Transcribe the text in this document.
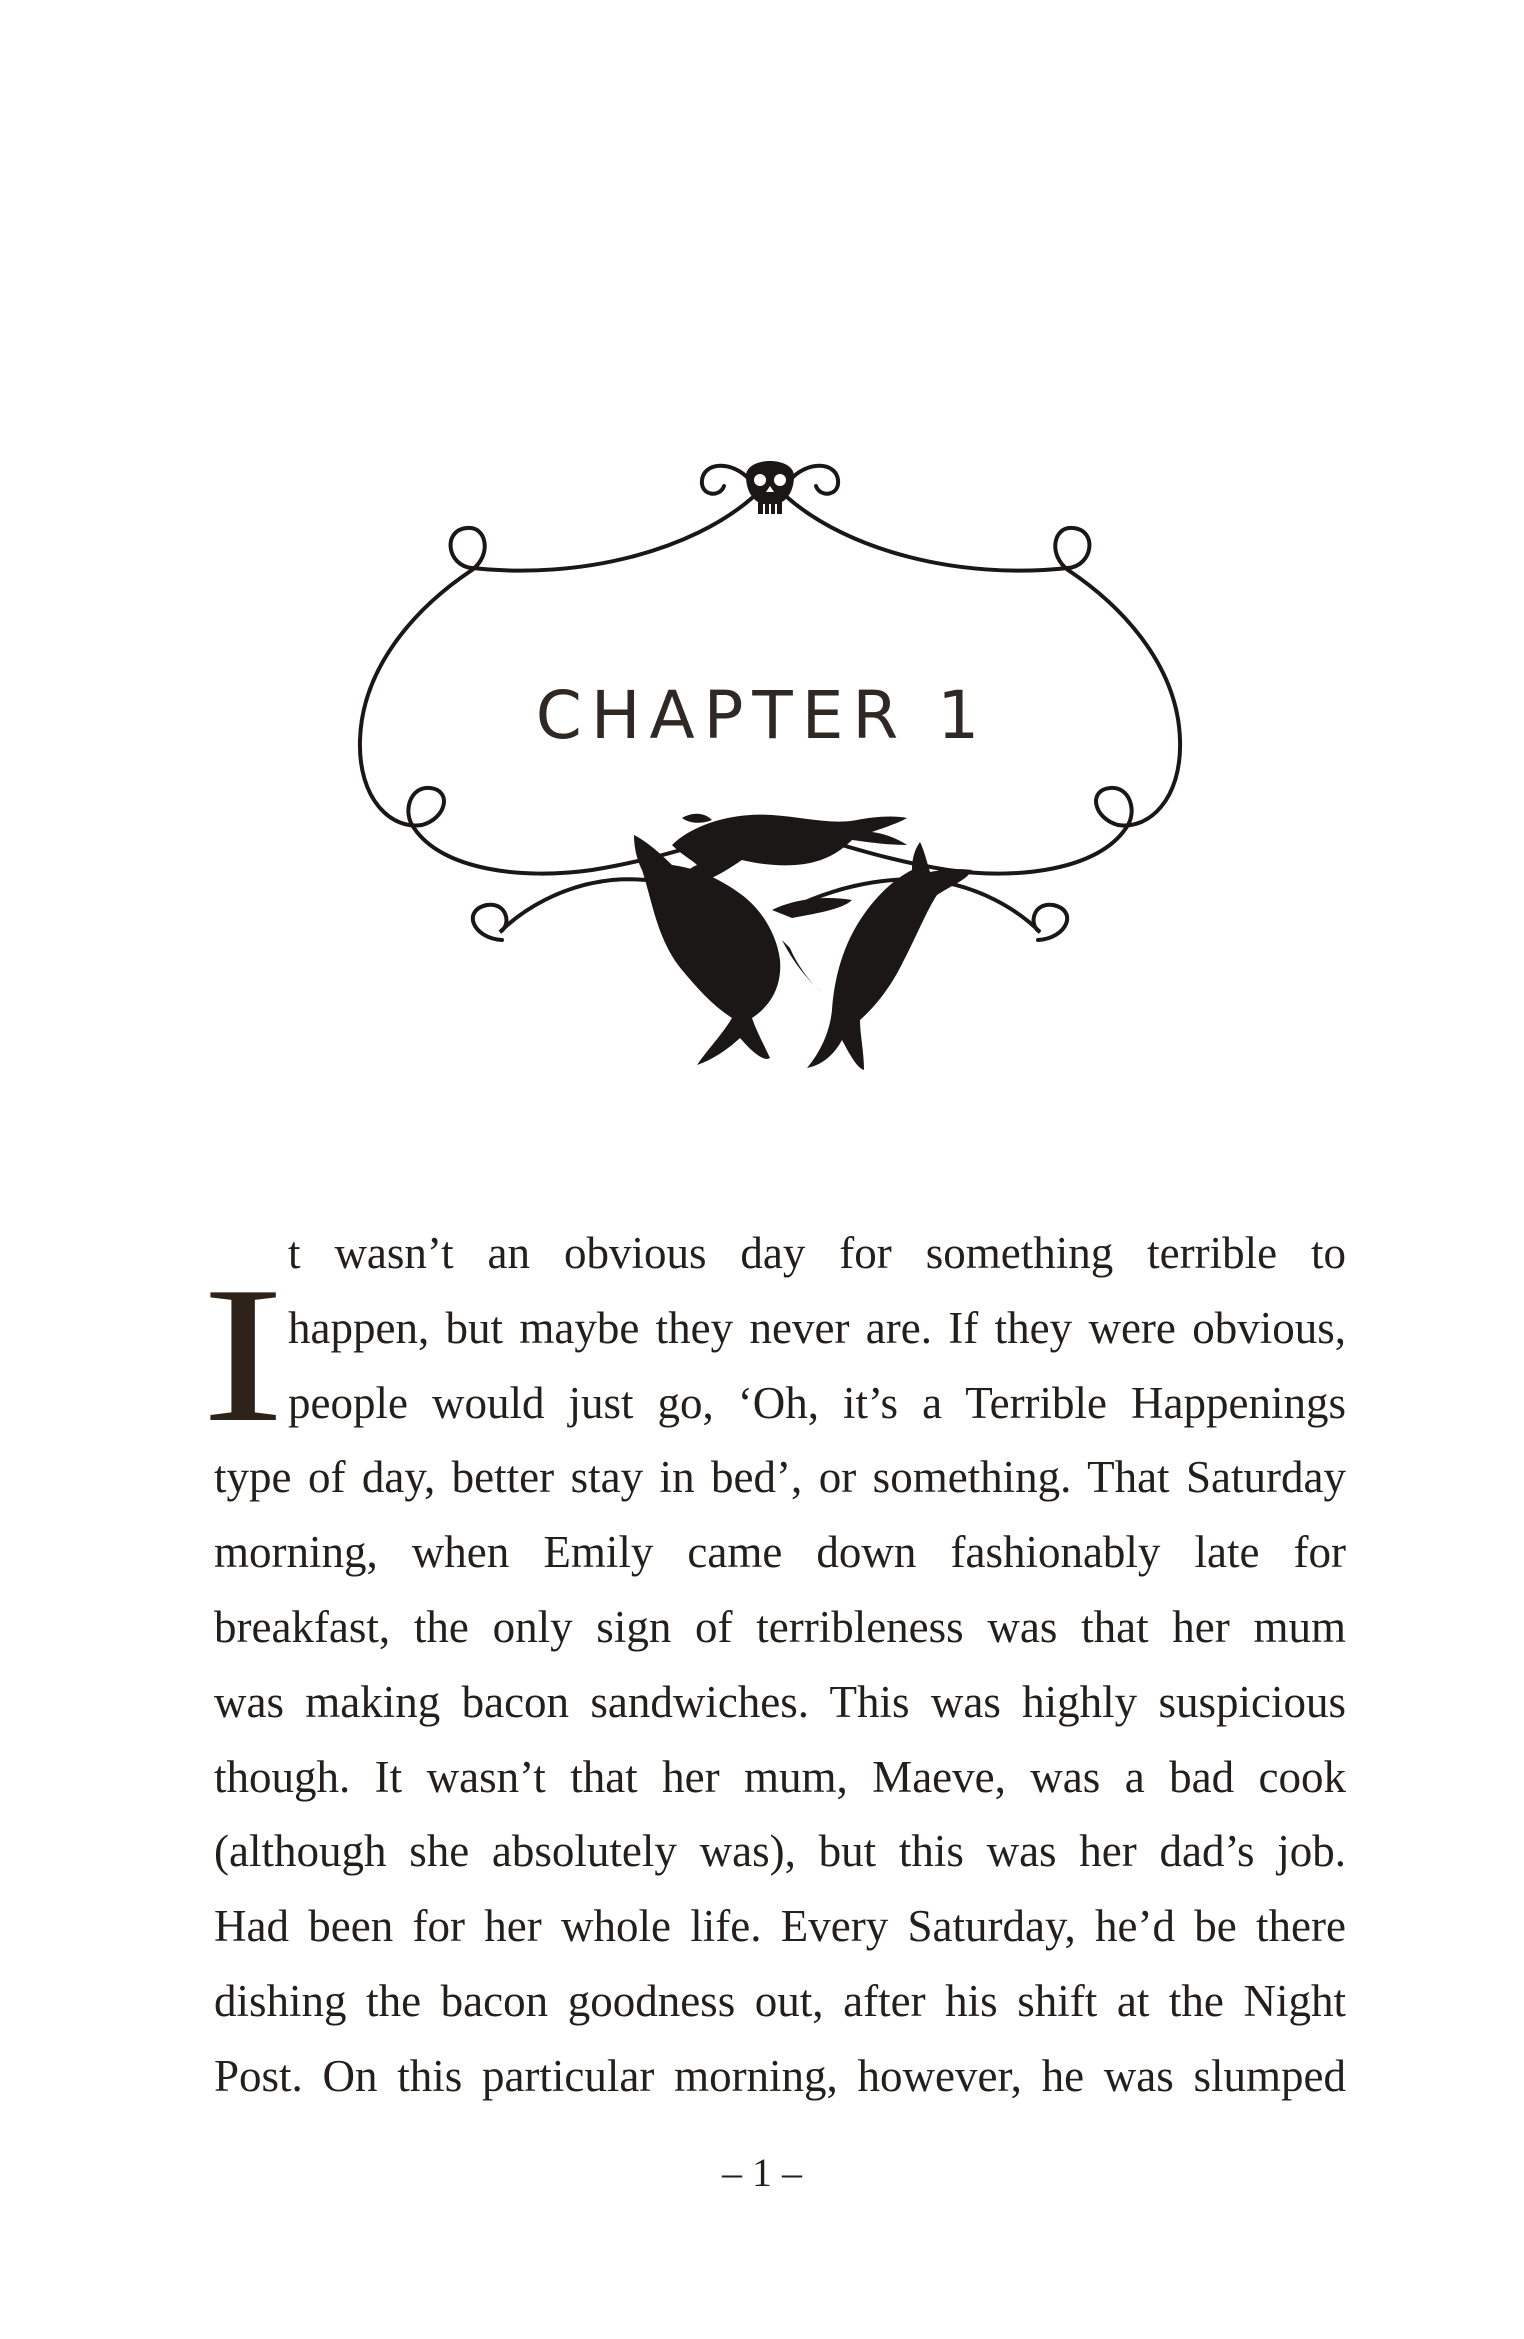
CHAPTER 1
I t wasn’t an obvious day for something terrible to
happen, but maybe they never are. If they were obvious,
people would just go, ‘Oh, it’s a Terrible Happenings
type of day, better stay in bed’, or something. That Saturday
morning, when Emily came down fashionably late for
breakfast, the only sign of terribleness was that her mum
was making bacon sandwiches. This was highly suspicious
though. It wasn’t that her mum, Maeve, was a bad cook
(although she absolutely was), but this was her dad’s job.
Had been for her whole life. Every Saturday, he’d be there
dishing the bacon goodness out, after his shift at the Night
Post. On this particular morning, however, he was slumped
– 1 –
